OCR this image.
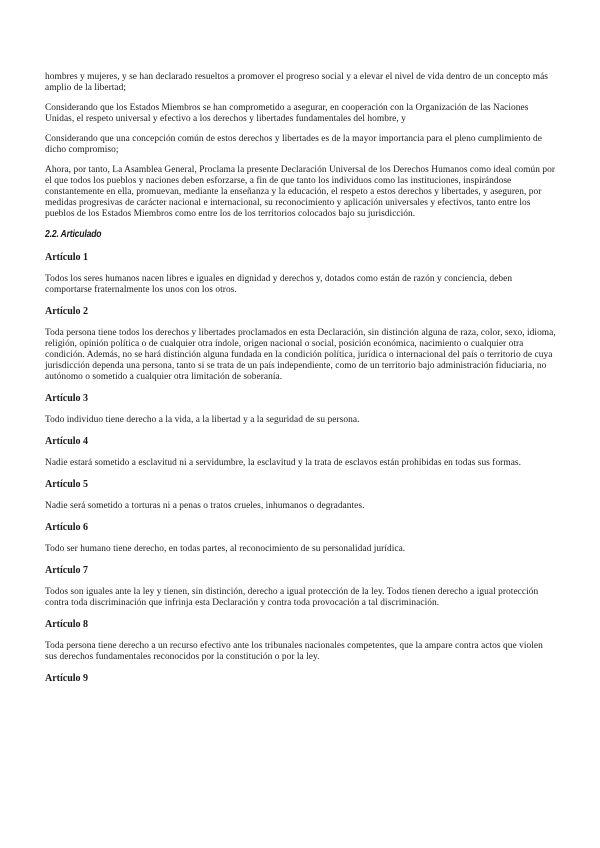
hombres y mujeres, y se han declarado resueltos a promover el progreso social y a elevar el nivel de vida dentro de un concepto más amplio de la libertad;

Considerando que los Estados Miembros se han comprometido a asegurar, en cooperación con la Organización de las Naciones Unidas, el respeto universal y efectivo a los derechos y libertades fundamentales del hombre, y

Considerando que una concepción común de estos derechos y libertades es de la mayor importancia para el pleno cumplimiento de dicho compromiso;

Ahora, por tanto, La Asamblea General, Proclama la presente Declaración Universal de los Derechos Humanos como ideal común por el que todos los pueblos y naciones deben esforzarse, a fin de que tanto los individuos como las instituciones, inspirándose constantemente en ella, promuevan, mediante la enseñanza y la educación, el respeto a estos derechos y libertades, y aseguren, por medidas progresivas de carácter nacional e internacional, su reconocimiento y aplicación universales y efectivos, tanto entre los pueblos de los Estados Miembros como entre los de los territorios colocados bajo su jurisdicción.

2.2. Articulado
Artículo 1

Todos los seres humanos nacen libres e iguales en dignidad y derechos y, dotados como están de razón y conciencia, deben comportarse fraternalmente los unos con los otros.

Artículo 2

Toda persona tiene todos los derechos y libertades proclamados en esta Declaración, sin distinción alguna de raza, color, sexo, idioma, religión, opinión política o de cualquier otra índole, origen nacional o social, posición económica, nacimiento o cualquier otra condición. Además, no se hará distinción alguna fundada en la condición política, jurídica o internacional del país o territorio de cuya jurisdicción dependa una persona, tanto si se trata de un país independiente, como de un territorio bajo administración fiduciaria, no autónomo o sometido a cualquier otra limitación de soberanía.

Artículo 3

Todo individuo tiene derecho a la vida, a la libertad y a la seguridad de su persona.

Artículo 4

Nadie estará sometido a esclavitud ni a servidumbre, la esclavitud y la trata de esclavos están prohibidas en todas sus formas.

Artículo 5

Nadie será sometido a torturas ni a penas o tratos crueles, inhumanos o degradantes.

Artículo 6

Todo ser humano tiene derecho, en todas partes, al reconocimiento de su personalidad jurídica.

Artículo 7

Todos son iguales ante la ley y tienen, sin distinción, derecho a igual protección de la ley. Todos tienen derecho a igual protección contra toda discriminación que infrinja esta Declaración y contra toda provocación a tal discriminación.

Artículo 8

Toda persona tiene derecho a un recurso efectivo ante los tribunales nacionales competentes, que la ampare contra actos que violen sus derechos fundamentales reconocidos por la constitución o por la ley.

Artículo 9
